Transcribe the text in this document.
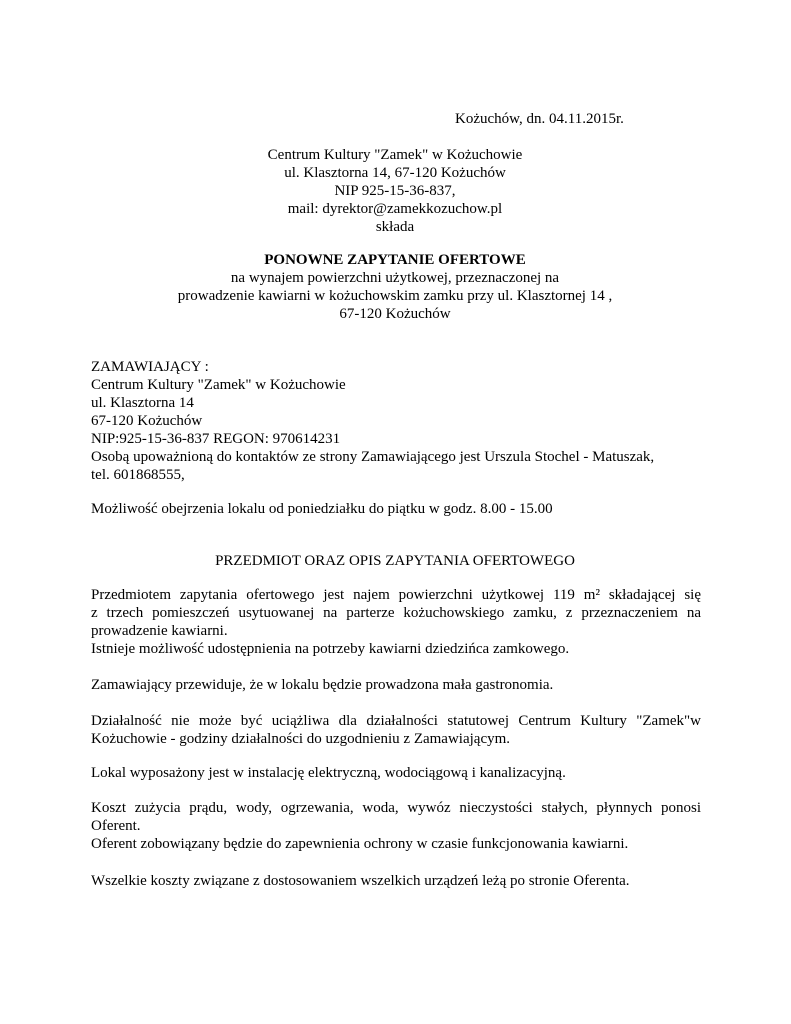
Kożuchów, dn. 04.11.2015r.
Centrum Kultury "Zamek" w Kożuchowie
ul. Klasztorna 14, 67-120 Kożuchów
NIP 925-15-36-837,
mail: dyrektor@zamekkozuchow.pl
składa
PONOWNE ZAPYTANIE OFERTOWE
na wynajem powierzchni użytkowej, przeznaczonej na
prowadzenie kawiarni w kożuchowskim zamku przy ul. Klasztornej 14 ,
67-120 Kożuchów
ZAMAWIAJĄCY :
Centrum Kultury "Zamek" w Kożuchowie
ul. Klasztorna 14
67-120 Kożuchów
NIP:925-15-36-837 REGON: 970614231
Osobą upoważnioną do kontaktów ze strony Zamawiającego jest Urszula Stochel - Matuszak,
tel. 601868555,
Możliwość obejrzenia lokalu od poniedziałku do piątku w godz. 8.00 - 15.00
PRZEDMIOT ORAZ OPIS ZAPYTANIA OFERTOWEGO
Przedmiotem zapytania ofertowego jest najem powierzchni użytkowej 119 m² składającej się
z trzech pomieszczeń usytuowanej na parterze kożuchowskiego zamku, z przeznaczeniem na
prowadzenie kawiarni.
Istnieje możliwość udostępnienia na potrzeby kawiarni dziedzińca zamkowego.
Zamawiający przewiduje, że w lokalu będzie prowadzona mała gastronomia.
Działalność nie może być uciążliwa dla działalności statutowej Centrum Kultury "Zamek"w
Kożuchowie - godziny działalności do uzgodnieniu z Zamawiającym.
Lokal wyposażony jest w instalację elektryczną, wodociągową i kanalizacyjną.
Koszt zużycia prądu, wody, ogrzewania, woda, wywóz nieczystości stałych, płynnych ponosi
Oferent.
Oferent zobowiązany będzie do zapewnienia ochrony w czasie funkcjonowania kawiarni.
Wszelkie koszty związane z dostosowaniem wszelkich urządzeń leżą po stronie Oferenta.
